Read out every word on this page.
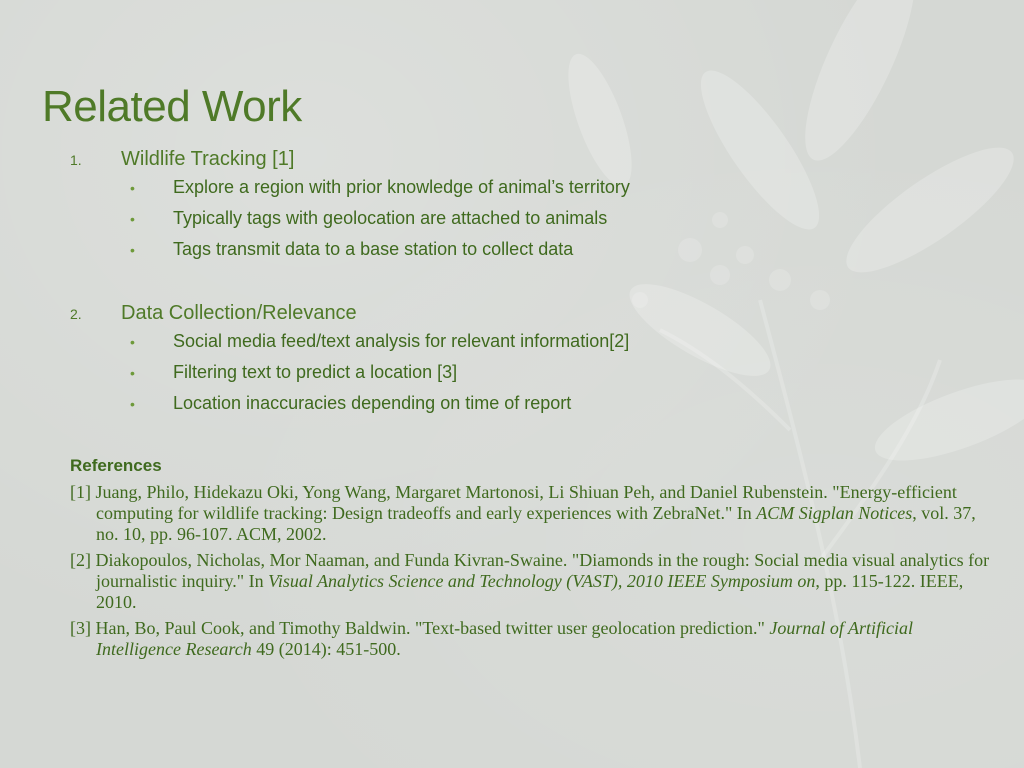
Related Work
1.	Wildlife Tracking [1]
•	Explore a region with prior knowledge of animal’s territory
•	Typically tags with geolocation are attached to animals
•	Tags transmit data to a base station to collect data
2.	Data Collection/Relevance
•	Social media feed/text analysis for relevant information[2]
•	Filtering text to predict a location [3]
•	Location inaccuracies depending on time of report
References

[1] Juang, Philo, Hidekazu Oki, Yong Wang, Margaret Martonosi, Li Shiuan Peh, and Daniel Rubenstein. "Energy-efficient computing for wildlife tracking: Design tradeoffs and early experiences with ZebraNet." In ACM Sigplan Notices, vol. 37, no. 10, pp. 96-107. ACM, 2002.

[2] Diakopoulos, Nicholas, Mor Naaman, and Funda Kivran-Swaine. "Diamonds in the rough: Social media visual analytics for journalistic inquiry." In Visual Analytics Science and Technology (VAST), 2010 IEEE Symposium on, pp. 115-122. IEEE, 2010.

[3] Han, Bo, Paul Cook, and Timothy Baldwin. "Text-based twitter user geolocation prediction." Journal of Artificial Intelligence Research 49 (2014): 451-500.
